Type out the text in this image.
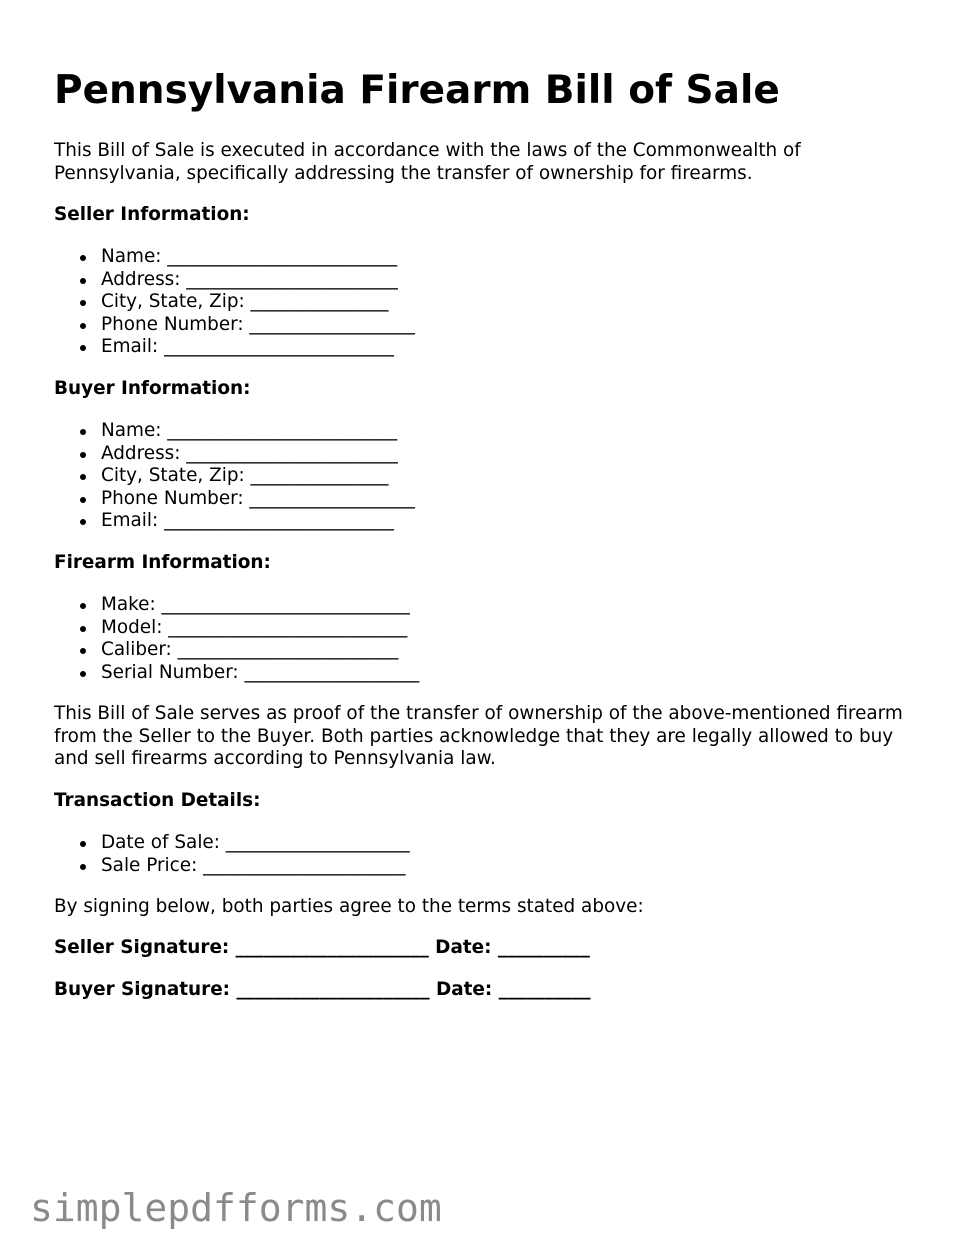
Pennsylvania Firearm Bill of Sale

This Bill of Sale is executed in accordance with the laws of the Commonwealth of Pennsylvania, specifically addressing the transfer of ownership for firearms.

Seller Information:
Name: _________________________
Address: _______________________
City, State, Zip: _______________
Phone Number: __________________
Email: _________________________
Buyer Information:
Name: _________________________
Address: _______________________
City, State, Zip: _______________
Phone Number: __________________
Email: _________________________
Firearm Information:
Make: ___________________________
Model: __________________________
Caliber: ________________________
Serial Number: ___________________

This Bill of Sale serves as proof of the transfer of ownership of the above-mentioned firearm from the Seller to the Buyer. Both parties acknowledge that they are legally allowed to buy and sell firearms according to Pennsylvania law.

Transaction Details:
Date of Sale: ____________________
Sale Price: ______________________

By signing below, both parties agree to the terms stated above:

Seller Signature: _____________________ Date: __________
Buyer Signature: _____________________ Date: __________
simplepdfforms.com
